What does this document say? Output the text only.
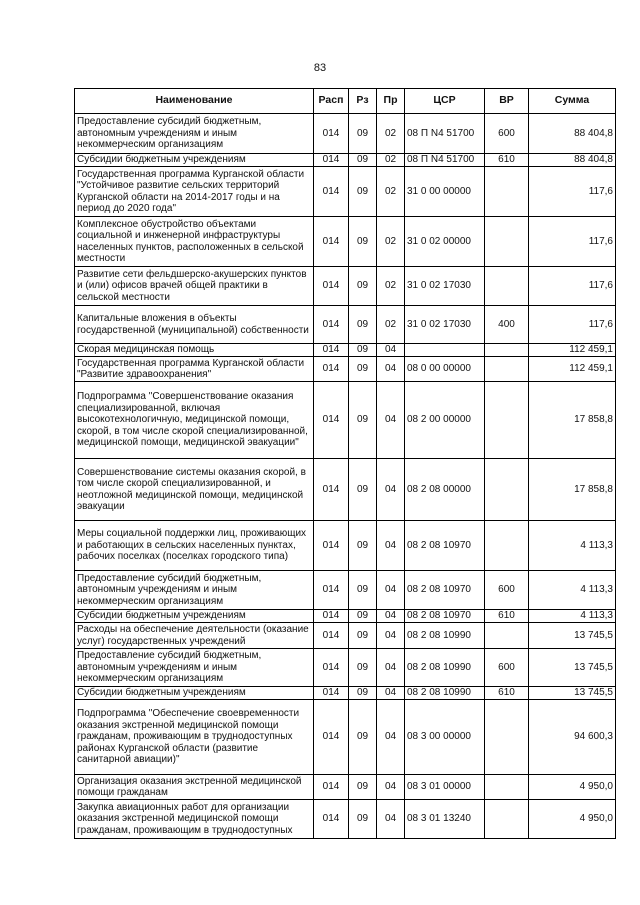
83
Наименование	Расп	Рз	Пр	ЦСР	ВР	Сумма
Предоставление субсидий бюджетным, автономным учреждениям и иным некоммерческим организациям	014	09	02	08 П N4 51700	600	88 404,8
Субсидии бюджетным учреждениям	014	09	02	08 П N4 51700	610	88 404,8
Государственная программа Курганской области "Устойчивое развитие сельских территорий Курганской области на 2014-2017 годы и на период до 2020 года"	014	09	02	31 0 00 00000		117,6
Комплексное обустройство объектами социальной и инженерной инфраструктуры населенных пунктов, расположенных в сельской местности	014	09	02	31 0 02 00000		117,6
Развитие сети фельдшерско-акушерских пунктов и (или) офисов врачей общей практики в сельской местности	014	09	02	31 0 02 17030		117,6
Капитальные вложения в объекты государственной (муниципальной) собственности	014	09	02	31 0 02 17030	400	117,6
Скорая медицинская помощь	014	09	04			112 459,1
Государственная программа Курганской области "Развитие здравоохранения"	014	09	04	08 0 00 00000		112 459,1
Подпрограмма "Совершенствование оказания специализированной, включая высокотехнологичную, медицинской помощи, скорой, в том числе скорой специализированной, медицинской помощи, медицинской эвакуации"	014	09	04	08 2 00 00000		17 858,8
Совершенствование системы оказания скорой, в том числе скорой специализированной, и неотложной медицинской помощи, медицинской эвакуации	014	09	04	08 2 08 00000		17 858,8
Меры социальной поддержки лиц, проживающих и работающих в сельских населенных пунктах, рабочих поселках (поселках городского типа)	014	09	04	08 2 08 10970		4 113,3
Предоставление субсидий бюджетным, автономным учреждениям и иным некоммерческим организациям	014	09	04	08 2 08 10970	600	4 113,3
Субсидии бюджетным учреждениям	014	09	04	08 2 08 10970	610	4 113,3
Расходы на обеспечение деятельности (оказание услуг) государственных учреждений	014	09	04	08 2 08 10990		13 745,5
Предоставление субсидий бюджетным, автономным учреждениям и иным некоммерческим организациям	014	09	04	08 2 08 10990	600	13 745,5
Субсидии бюджетным учреждениям	014	09	04	08 2 08 10990	610	13 745,5
Подпрограмма "Обеспечение своевременности оказания экстренной медицинской помощи гражданам, проживающим в труднодоступных районах Курганской области (развитие санитарной авиации)"	014	09	04	08 3 00 00000		94 600,3
Организация оказания экстренной медицинской помощи гражданам	014	09	04	08 3 01 00000		4 950,0
Закупка авиационных работ для организации оказания экстренной медицинской помощи гражданам, проживающим в труднодоступных	014	09	04	08 3 01 13240		4 950,0
